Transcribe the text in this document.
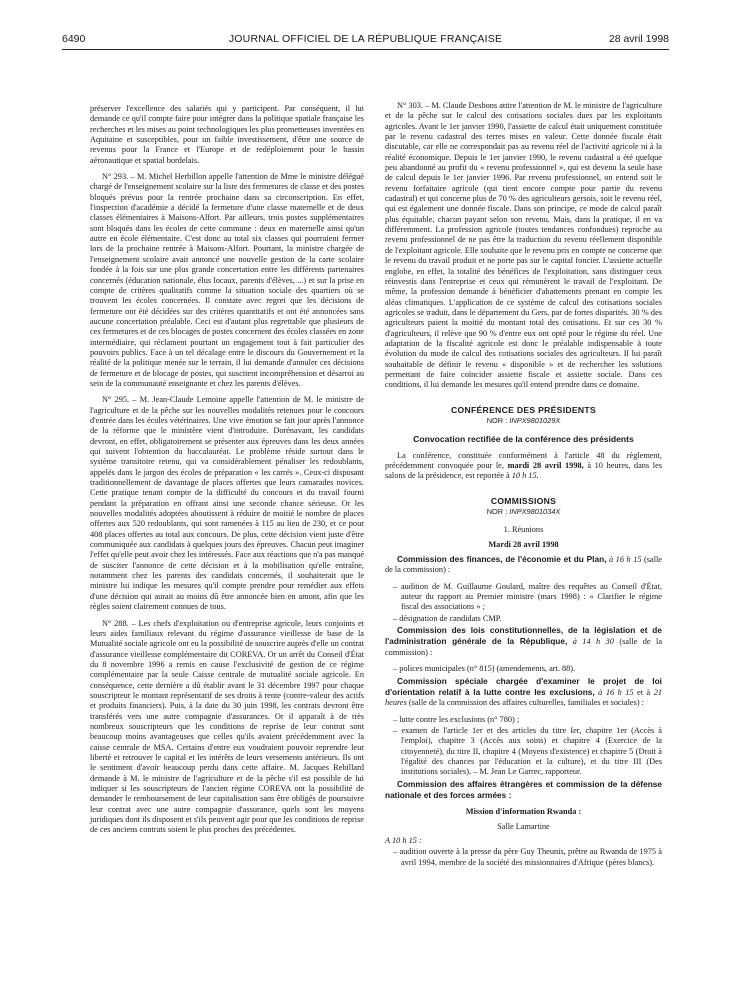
6490	JOURNAL OFFICIEL DE LA RÉPUBLIQUE FRANÇAISE	28 avril 1998

préserver l'excellence des salariés qui y participent. Par conséquent, il lui demande ce qu'il compte faire pour intégrer dans la politique spatiale française les recherches et les mises au point technologiques les plus prometteuses inventées en Aquitaine et susceptibles, pour un faible investissement, d'être une source de revenus pour la France et l'Europe et de redéploiement pour le bassin aéronautique et spatial bordelais.

N° 293. – M. Michel Herbillon appelle l'attention de Mme le ministre délégué chargé de l'enseignement scolaire sur la liste des fermetures de classe et des postes bloqués prévus pour la rentrée prochaine dans sa circonscription. En effet, l'inspection d'académie a décidé la fermeture d'une classe maternelle et de deux classes élémentaires à Maisons-Alfort. Par ailleurs, trois postes supplémentaires sont bloqués dans les écoles de cette commune : deux en maternelle ainsi qu'un autre en école élémentaire. C'est donc au total six classes qui pourraient fermer lors de la prochaine rentrée à Maisons-Alfort. Pourtant, la ministre chargée de l'enseignement scolaire avait annoncé une nouvelle gestion de la carte scolaire fondée à la fois sur une plus grande concertation entre les différents partenaires concernés (éducation nationale, élus locaux, parents d'élèves, ...) et sur la prise en compte de critères qualitatifs comme la situation sociale des quartiers où se trouvent les écoles concernées. Il constate avec regret que les décisions de fermeture ont été décidées sur des critères quantitatifs et ont été annoncées sans aucune concertation préalable. Ceci est d'autant plus regrettable que plusieurs de ces fermetures et de ces blocages de postes concernent des écoles classées en zone intermédiaire, qui réclament pourtant un engagement tout à fait particulier des pouvoirs publics. Face à un tel décalage entre le discours du Gouvernement et la réalité de la politique menée sur le terrain, il lui demande d'annuler ces décisions de fermeture et de blocage de postes, qui suscitent incompréhension et désarroi au sein de la communauté enseignante et chez les parents d'élèves.

N° 295. – M. Jean-Claude Lemoine appelle l'attention de M. le ministre de l'agriculture et de la pêche sur les nouvelles modalités retenues pour le concours d'entrée dans les écoles vétérinaires. Une vive émotion se fait jour après l'annonce de la réforme que le ministère vient d'introduire. Dorénavant, les candidats devront, en effet, obligatoirement se présenter aux épreuves dans les deux années qui suivent l'obtention du baccalauréat. Le problème réside surtout dans le système transitoire retenu, qui va considérablement pénaliser les redoublants, appelés dans le jargon des écoles de préparation « les carrés ». Ceux-ci disposant traditionnellement de davantage de places offertes que leurs camarades novices. Cette pratique tenant compte de la difficulté du concours et du travail fourni pendant la préparation en offrant ainsi une seconde chance sérieuse. Or les nouvelles modalités adoptées aboutissent à réduire de moitié le nombre de places offertes aux 520 redoublants, qui sont ramenées à 115 au lieu de 230, et ce pour 408 places offertes au total aux concours. De plus, cette décision vient juste d'être communiquée aux candidats à quelques jours des épreuves. Chacun peut imaginer l'effet qu'elle peut avoir chez les intéressés. Face aux réactions que n'a pas manqué de susciter l'annonce de cette décision et à la mobilisation qu'elle entraîne, notamment chez les parents des candidats concernés, il souhaiterait que le ministre lui indique les mesures qu'il compte prendre pour remédier aux effets d'une décision qui aurait au moins dû être annoncée bien en amont, afin que les règles soient clairement connues de tous.

N° 288. – Les chefs d'exploitation ou d'entreprise agricole, leurs conjoints et leurs aides familiaux relevant du régime d'assurance vieillesse de base de la Mutualité sociale agricole ont eu la possibilité de souscrire auprès d'elle un contrat d'assurance vieillesse complémentaire dit COREVA. Or un arrêt du Conseil d'État du 8 novembre 1996 a remis en cause l'exclusivité de gestion de ce régime complémentaire par la seule Caisse centrale de mutualité sociale agricole. En conséquence, cette dernière a dû établir avant le 31 décembre 1997 pour chaque souscripteur le montant représentatif de ses droits à rente (contre-valeur des actifs et produits financiers). Puis, à la date du 30 juin 1998, les contrats devront être transférés vers une autre compagnie d'assurances. Or il apparaît à de très nombreux souscripteurs que les conditions de reprise de leur contrat sont beaucoup moins avantageuses que celles qu'ils avaient précédemment avec la caisse centrale de MSA. Certains d'entre eux voudraient pouvoir reprendre leur liberté et retrouver le capital et les intérêts de leurs versements antérieurs. Ils ont le sentiment d'avoir beaucoup perdu dans cette affaire. M. Jacques Rebillard demande à M. le ministre de l'agriculture et de la pêche s'il est possible de lui indiquer si les souscripteurs de l'ancien régime COREVA ont la possibilité de demander le remboursement de leur capitalisation sans être obligés de poursuivre leur contrat avec une autre compagnie d'assurance, quels sont les moyens juridiques dont ils disposent et s'ils peuvent agir pour que les conditions de reprise de ces anciens contrats soient le plus proches des précédentes.

N° 303. – M. Claude Desbons attire l'attention de M. le ministre de l'agriculture et de la pêche sur le calcul des cotisations sociales dues par les exploitants agricoles. Avant le 1er janvier 1990, l'assiette de calcul était uniquement constituée par le revenu cadastral des terres mises en valeur. Cette donnée fiscale était discutable, car elle ne correspondait pas au revenu réel de l'activité agricole ni à la réalité économique. Depuis le 1er janvier 1990, le revenu cadastral a été quelque peu abandonné au profit du « revenu professionnel », qui est devenu la seule base de calcul depuis le 1er janvier 1996. Par revenu professionnel, on entend soit le revenu forfaitaire agricole (qui tient encore compte pour partie du revenu cadastral) et qui concerne plus de 70 % des agriculteurs gersois, soit le revenu réel, qui est également une donnée fiscale. Dans son principe, ce mode de calcul paraît plus équitable, chacun payant selon son revenu. Mais, dans la pratique, il en va différemment. La profession agricole (toutes tendances confondues) reproche au revenu professionnel de ne pas être la traduction du revenu réellement disponible de l'exploitant agricole. Elle souhaite que le revenu pris en compte ne concerne que le revenu du travail produit et ne porte pas sur le capital foncier. L'assiette actuelle englobe, en effet, la totalité des bénéfices de l'exploitation, sans distinguer ceux réinvestis dans l'entreprise et ceux qui rémunèrent le travail de l'exploitant. De même, la profession demande à bénéficier d'abattements prenant en compte les aléas climatiques. L'application de ce système de calcul des cotisations sociales agricoles se traduit, dans le département du Gers, par de fortes disparités. 30 % des agriculteurs paient la moitié du montant total des cotisations. Et sur ces 30 % d'agriculteurs, il relève que 90 % d'entre eux ont opté pour le régime du réel. Une adaptation de la fiscalité agricole est donc le préalable indispensable à toute évolution du mode de calcul des cotisations sociales des agriculteurs. Il lui paraît souhaitable de définir le revenu « disponible » et de rechercher les solutions permettant de faire coïncider assiette fiscale et assiette sociale. Dans ces conditions, il lui demande les mesures qu'il entend prendre dans ce domaine.

CONFÉRENCE DES PRÉSIDENTS
NOR : INPX9801029X
Convocation rectifiée de la conférence des présidents

La conférence, constituée conformément à l'article 48 du règlement, précédemment convoquée pour le, mardi 28 avril 1998, à 10 heures, dans les salons de la présidence, est reportée à 10 h 15.

COMMISSIONS
NOR : INPX9801034X
1. Réunions
Mardi 28 avril 1998

Commission des finances, de l'économie et du Plan, à 16 h 15 (salle de la commission) :

– audition de M. Guillaume Goulard, maître des requêtes au Conseil d'État, auteur du rapport au Premier ministre (mars 1998) : « Clarifier le régime fiscal des associations » ;
– désignation de candidats CMP.

Commission des lois constitutionnelles, de la législation et de l'administration générale de la République, à 14 h 30 (salle de la commission) :

– polices municipales (n° 815) (amendements, art. 88).

Commission spéciale chargée d'examiner le projet de loi d'orientation relatif à la lutte contre les exclusions, à 16 h 15 et à 21 heures (salle de la commission des affaires culturelles, familiales et sociales) :

– lutte contre les exclusions (n° 780) ;
– examen de l'article 1er et des articles du titre Ier, chapitre 1er (Accès à l'emploi), chapitre 3 (Accès aux soins) et chapitre 4 (Exercice de la citoyenneté), du titre II, chapitre 4 (Moyens d'existence) et chapitre 5 (Droit à l'égalité des chances par l'éducation et la culture), et du titre III (Des institutions sociales). – M. Jean Le Garrec, rapporteur.

Commission des affaires étrangères et commission de la défense nationale et des forces armées :

Mission d'information Rwanda :
Salle Lamartine

A 10 h 15 :

– audition ouverte à la presse du père Guy Theunis, prêtre au Rwanda de 1975 à avril 1994, membre de la société des missionnaires d'Afrique (pères blancs).
